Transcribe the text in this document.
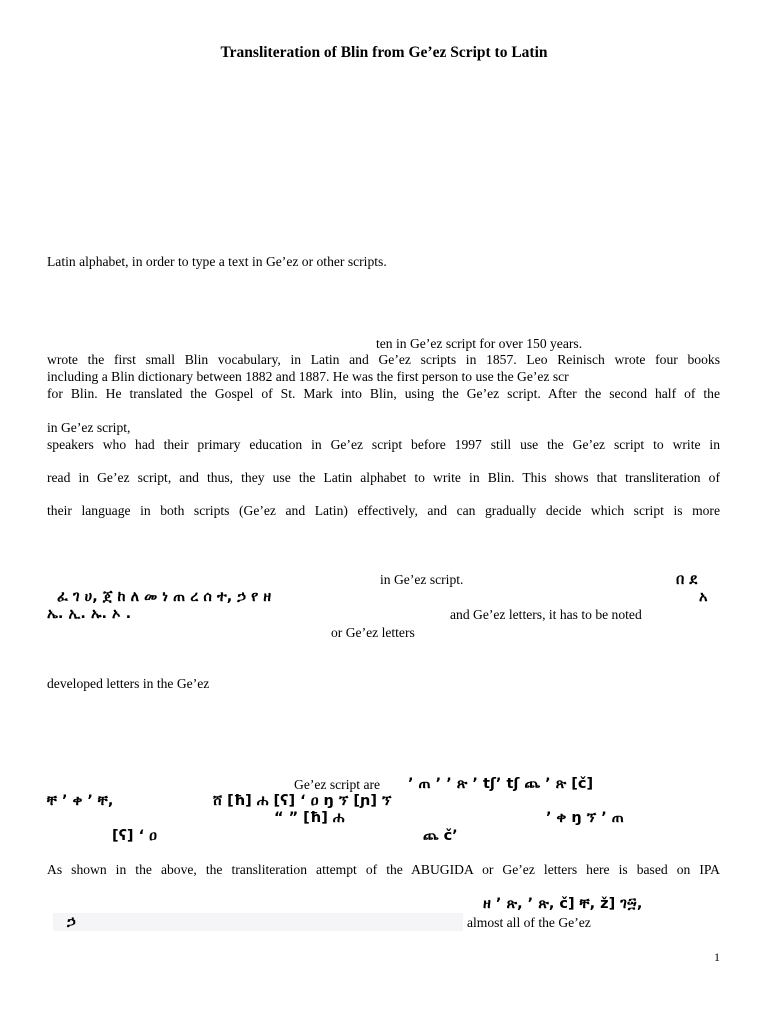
Transliteration of Blin from Ge’ez Script to Latin
Latin alphabet, in order to type a text in Ge’ez or other scripts.
ten in Ge’ez script for over 150 years.
wrote the first small Blin vocabulary, in Latin and Ge’ez scripts in 1857. Leo Reinisch wrote four books
including a Blin dictionary between 1882 and 1887. He was the first person to use the Ge’ez scr
for Blin. He translated the Gospel of St. Mark into Blin, using the Ge’ez script. After the second half of the
in Ge’ez script,
speakers who had their primary education in Ge’ez script before 1997 still use the Ge’ez script to write in
read in Ge’ez script, and thus, they use the Latin alphabet to write in Blin. This shows that transliteration of
their language in both scripts (Ge’ez and Latin) effectively, and can gradually decide which script is more
in Ge’ez script.	በ ደ
ፈ ገ ሀ, ጀ ከ ለ መ ነ ጠ ረ ሰ ተ, ኃ የ ዘ	አ
ኤ. ኢ. ኡ. ኦ .	and Ge’ez letters, it has to be noted
or Ge’ez letters
developed letters in the Ge’ez
Ge’ez script are ’ ጠ ’ ’ ጽ ’ tʃʼ tʃ ጨ ’ ጽ [č]
ቸ ’ ቀ ’ ቸ,	ሸ [ħ] ሐ [ʕ] ‘ ዐ ŋ ኘ [ɲ] ኘ
“ ” [ħ] ሐ	’ ቀ ŋ ኘ ’ ጠ
[ʕ] ‘ ዐ	ጨ čʼ
As shown in the above, the transliteration attempt of the ABUGIDA or Ge’ez letters here is based on IPA
ዘ ’ ጽ, ’ ጽ, č] ቸ, ž] ገ፵,
ኃ	almost all of the Ge’ez
1
